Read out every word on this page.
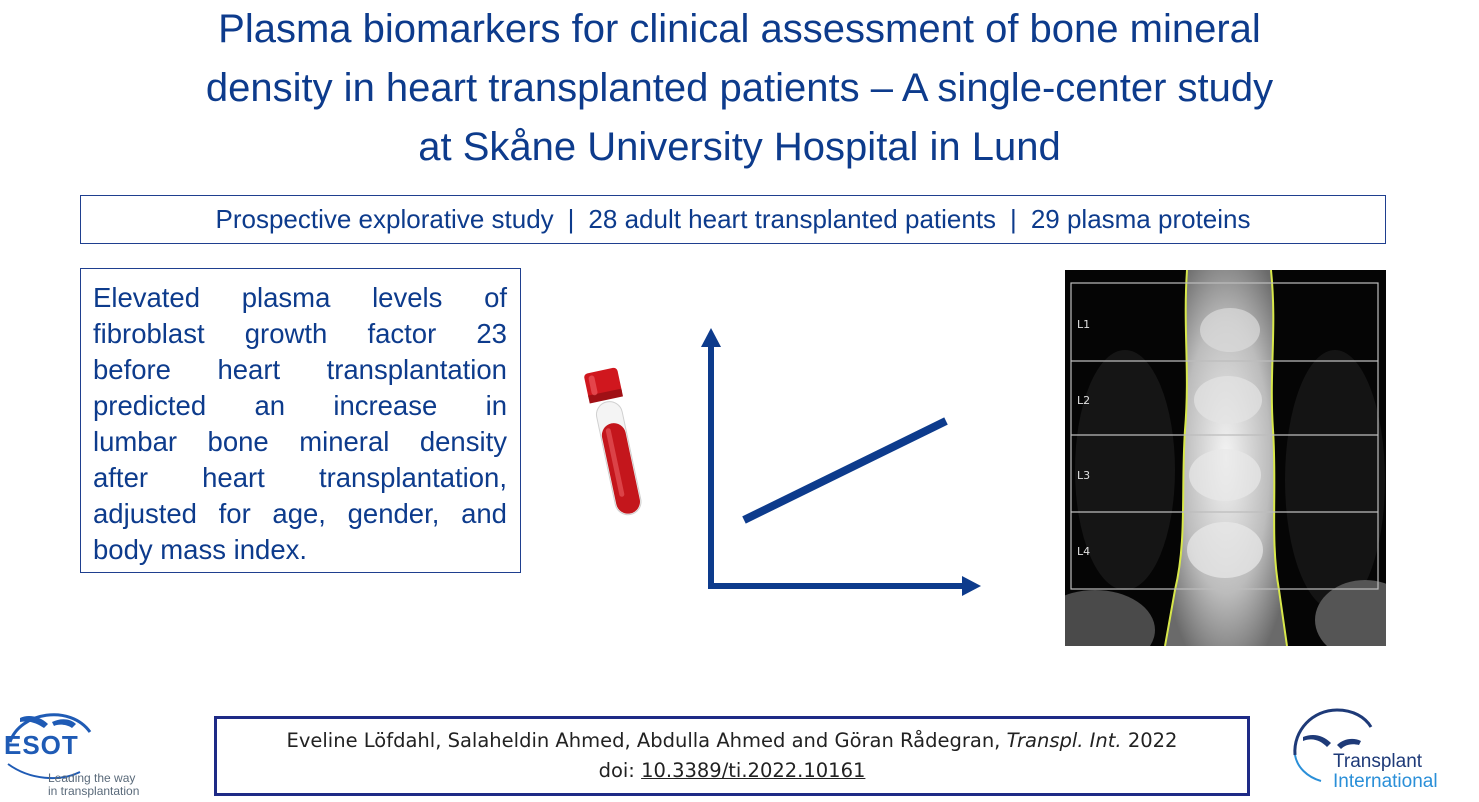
Plasma biomarkers for clinical assessment of bone mineral
density in heart transplanted patients – A single-center study
at Skåne University Hospital in Lund
Prospective explorative study | 28 adult heart transplanted patients | 29 plasma proteins
Elevated plasma levels of
fibroblast growth factor 23
before heart transplantation
predicted an increase in
lumbar bone mineral density
after heart transplantation,
adjusted for age, gender, and
body mass index.
L1
L2
L3
L4
ESOT
Leading the way
in transplantation
Eveline Löfdahl, Salaheldin Ahmed, Abdulla Ahmed and Göran Rådegran, Transpl. Int. 2022
doi: 10.3389/ti.2022.10161	Transplant
International
